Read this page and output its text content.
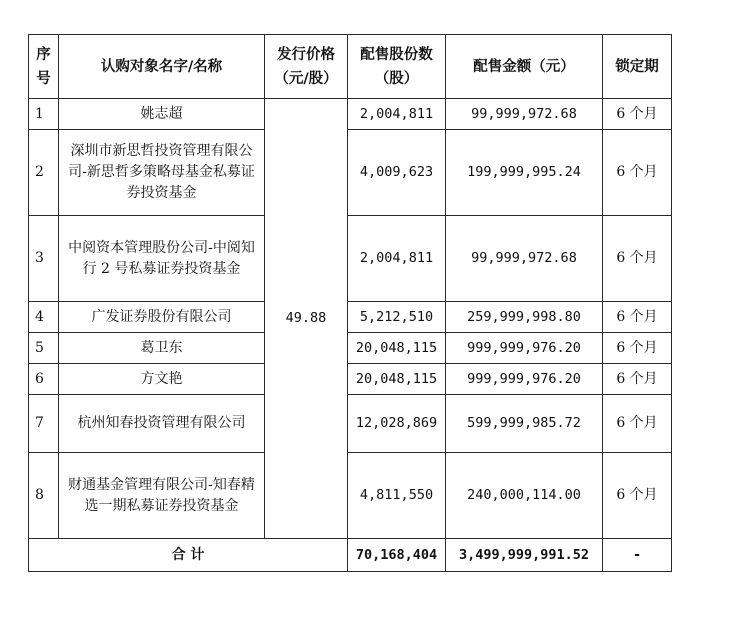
序号	认购对象名字/名称	发行价格（元/股）	配售股份数（股）	配售金额（元）	锁定期
1	姚志超	49.88	2,004,811	99,999,972.68	6 个月
2	深圳市新思哲投资管理有限公司-新思哲多策略母基金私募证券投资基金		4,009,623	199,999,995.24	6 个月
3	中阅资本管理股份公司-中阅知行 2 号私募证券投资基金		2,004,811	99,999,972.68	6 个月
4	广发证券股份有限公司		5,212,510	259,999,998.80	6 个月
5	葛卫东		20,048,115	999,999,976.20	6 个月
6	方文艳		20,048,115	999,999,976.20	6 个月
7	杭州知春投资管理有限公司		12,028,869	599,999,985.72	6 个月
8	财通基金管理有限公司-知春精选一期私募证券投资基金		4,811,550	240,000,114.00	6 个月
合 计			70,168,404	3,499,999,991.52	-
